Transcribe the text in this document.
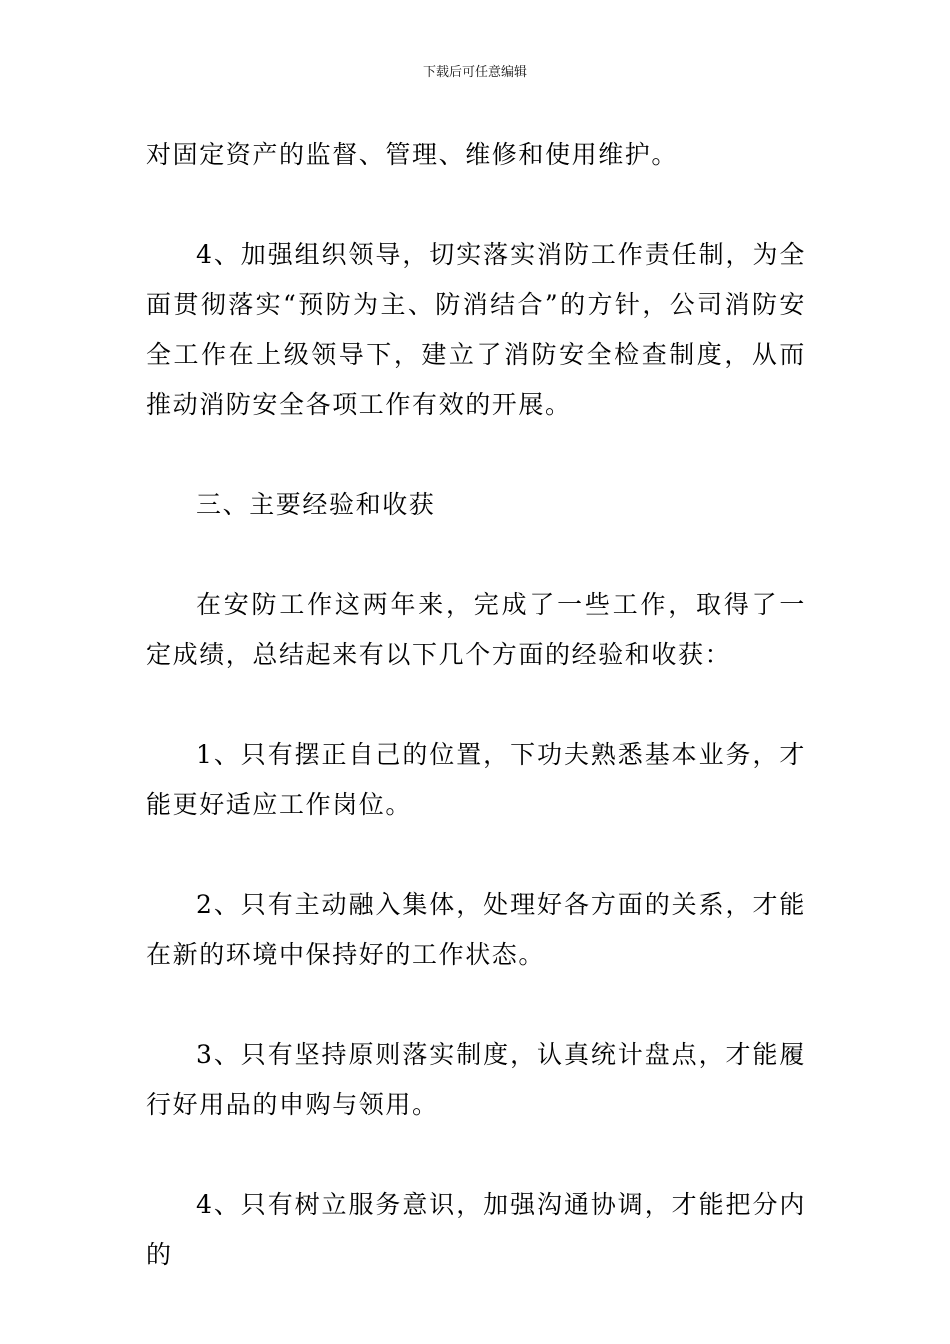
下载后可任意编辑

对固定资产的监督、管理、维修和使用维护。

4、加强组织领导，切实落实消防工作责任制，为全面贯彻落实“预防为主、防消结合”的方针，公司消防安全工作在上级领导下，建立了消防安全检查制度，从而推动消防安全各项工作有效的开展。

三、主要经验和收获

在安防工作这两年来，完成了一些工作，取得了一定成绩，总结起来有以下几个方面的经验和收获：

1、只有摆正自己的位置，下功夫熟悉基本业务，才能更好适应工作岗位。

2、只有主动融入集体，处理好各方面的关系，才能在新的环境中保持好的工作状态。

3、只有坚持原则落实制度，认真统计盘点，才能履行好用品的申购与领用。

4、只有树立服务意识，加强沟通协调，才能把分内的
